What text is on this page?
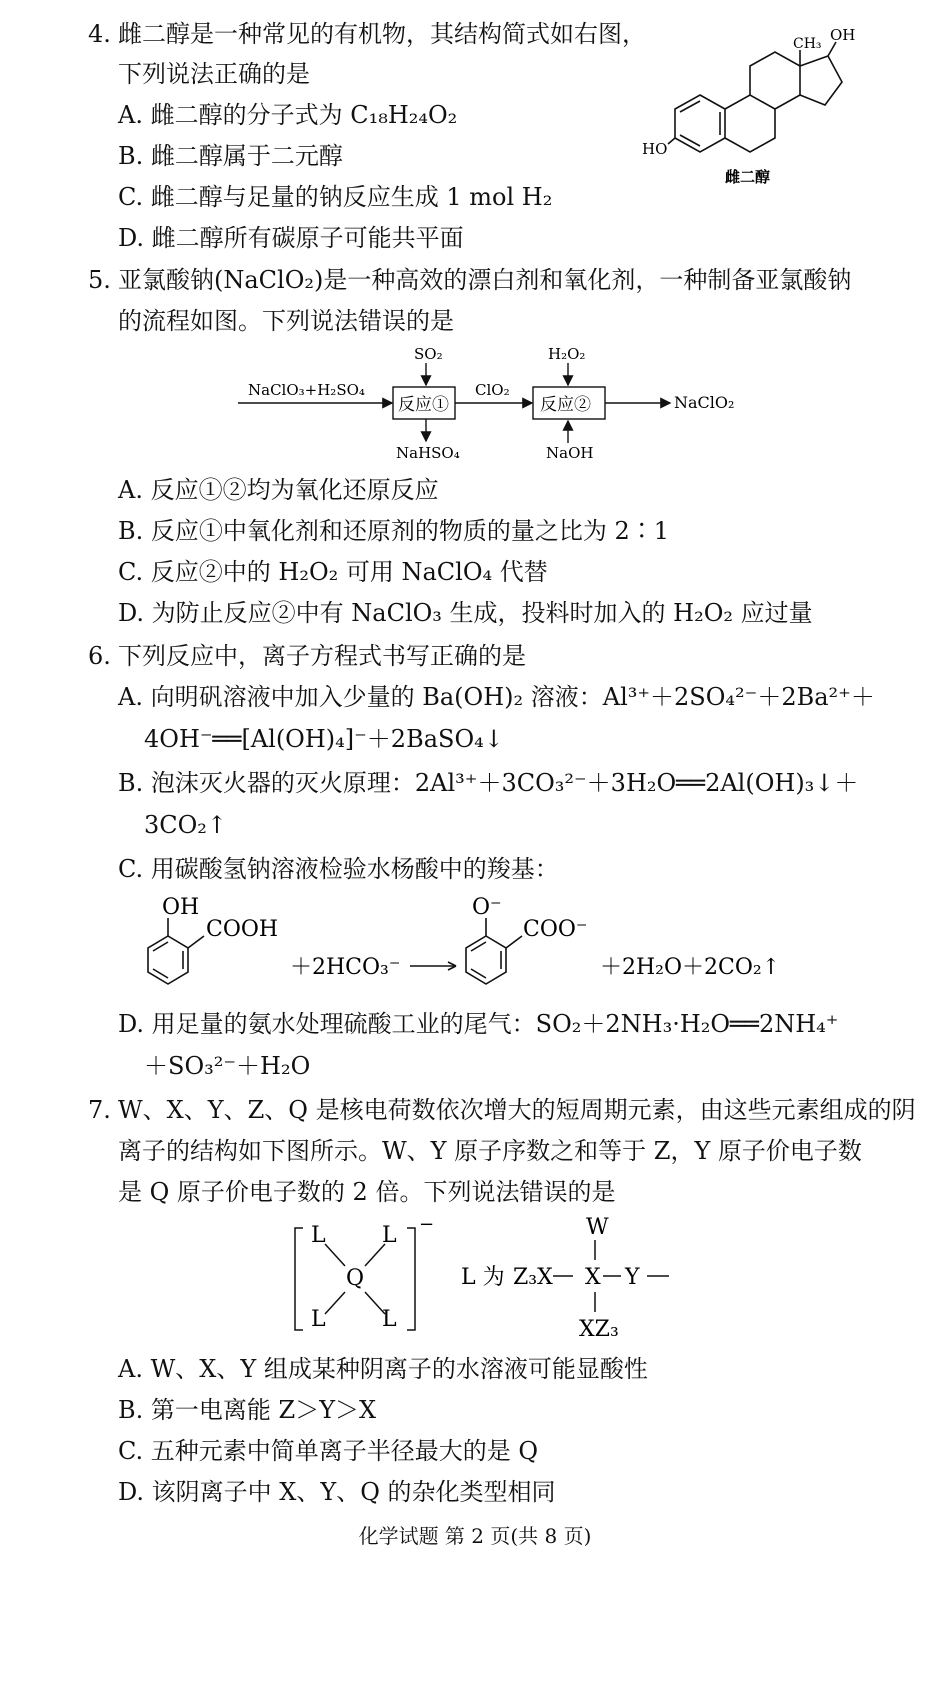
4. 雌二醇是一种常见的有机物，其结构简式如右图，
下列说法正确的是
A. 雌二醇的分子式为 C₁₈H₂₄O₂
B. 雌二醇属于二元醇
C. 雌二醇与足量的钠反应生成 1 mol H₂
D. 雌二醇所有碳原子可能共平面
CH₃ OH
HO
雌二醇
5. 亚氯酸钠(NaClO₂)是一种高效的漂白剂和氧化剂，一种制备亚氯酸钠
的流程如图。下列说法错误的是
NaClO₃+H₂SO₄
反应①
SO₂
NaHSO₄
ClO₂
反应②
H₂O₂
NaOH
NaClO₂
A. 反应①②均为氧化还原反应
B. 反应①中氧化剂和还原剂的物质的量之比为 2∶1
C. 反应②中的 H₂O₂ 可用 NaClO₄ 代替
D. 为防止反应②中有 NaClO₃ 生成，投料时加入的 H₂O₂ 应过量
6. 下列反应中，离子方程式书写正确的是
A. 向明矾溶液中加入少量的 Ba(OH)₂ 溶液：Al³⁺＋2SO₄²⁻＋2Ba²⁺＋
4OH⁻══[Al(OH)₄]⁻＋2BaSO₄↓
B. 泡沫灭火器的灭火原理：2Al³⁺＋3CO₃²⁻＋3H₂O══2Al(OH)₃↓＋
3CO₂↑
C. 用碳酸氢钠溶液检验水杨酸中的羧基：
OH
COOH
＋2HCO₃⁻
O⁻
COO⁻
＋2H₂O＋2CO₂↑
D. 用足量的氨水处理硫酸工业的尾气：SO₂＋2NH₃·H₂O══2NH₄⁺
＋SO₃²⁻＋H₂O
7. W、X、Y、Z、Q 是核电荷数依次增大的短周期元素，由这些元素组成的阴
离子的结构如下图所示。W、Y 原子序数之和等于 Z，Y 原子价电子数
是 Q 原子价电子数的 2 倍。下列说法错误的是
L	L
Q
L	L
−
L 为 Z₃X X Y
W
XZ₃
A. W、X、Y 组成某种阴离子的水溶液可能显酸性
B. 第一电离能 Z＞Y＞X
C. 五种元素中简单离子半径最大的是 Q
D. 该阴离子中 X、Y、Q 的杂化类型相同
化学试题 第 2 页(共 8 页)
